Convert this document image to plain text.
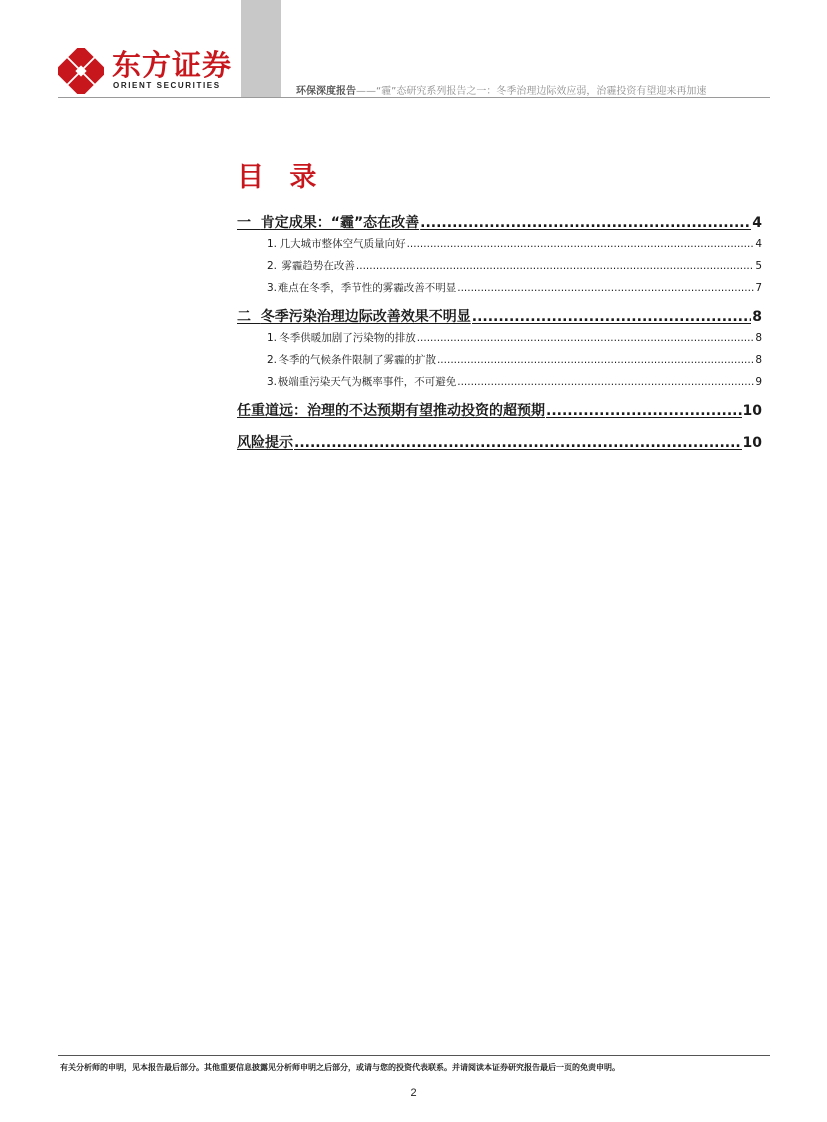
东方证券
ORIENT SECURITIES
环保深度报告——“霾”态研究系列报告之一：冬季治理边际效应弱，治霾投资有望迎来再加速
目 录
一 肯定成果：“霾”态在改善 .....	4
1. 几大城市整体空气质量向好 .....	4
2. 雾霾趋势在改善 .....	5
3. 难点在冬季，季节性的雾霾改善不明显 .....	7
二 冬季污染治理边际改善效果不明显 .....	8
1. 冬季供暖加剧了污染物的排放 .....	8
2. 冬季的气候条件限制了雾霾的扩散 .....	8
3. 极端重污染天气为概率事件，不可避免 .....	9
任重道远：治理的不达预期有望推动投资的超预期 .....	10
风险提示 .....	10
有关分析师的申明，见本报告最后部分。其他重要信息披露见分析师申明之后部分，或请与您的投资代表联系。并请阅读本证券研究报告最后一页的免责申明。
2
